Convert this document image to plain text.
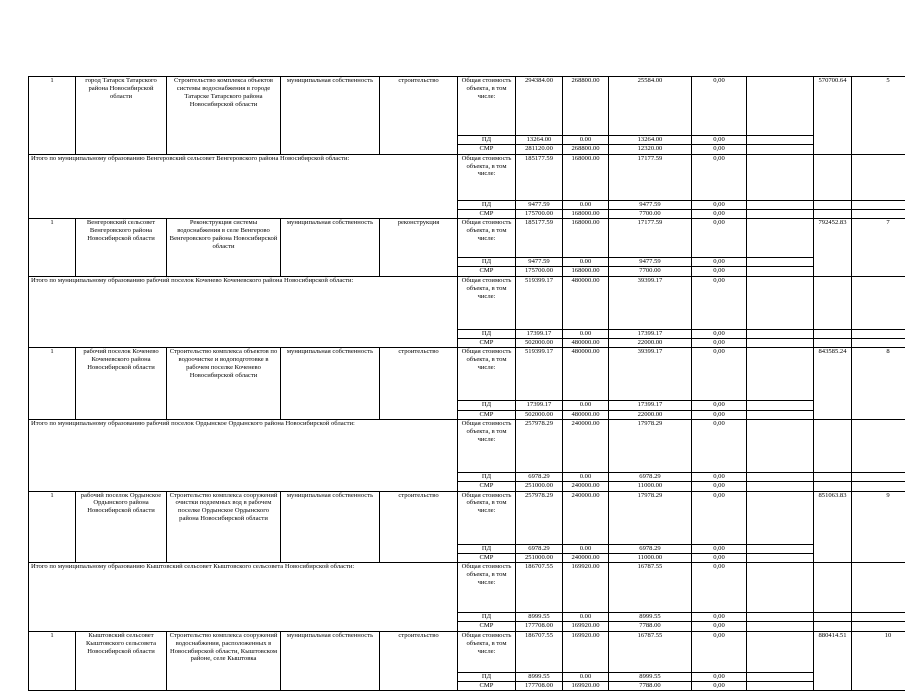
1	город Татарск Татарского района Новосибирской области	Строительство комплекса объектов системы водоснабжения в городе Татарске Татарского района Новосибирской области	муниципальная собственность	строительство	Общая стоимость объекта, в том числе:	294384.00	268800.00	25584.00	0,00		570700.64	5	
					ПД	13264.00	0.00	13264.00	0,00				
					СМР	281120.00	268800.00	12320.00	0,00				
Итого по муниципальному образованию Венгеровский сельсовет Венгеровского района Новосибирской области:					Общая стоимость объекта, в том числе:	185177.59	168000.00	17177.59	0,00				
					ПД	9477.59	0.00	9477.59	0,00				
					СМР	175700.00	168000.00	7700.00	0,00				
1	Венгеровский сельсовет Венгеровского района Новосибирской области	Реконструкция системы водоснабжения в селе Венгерово Венгеровского района Новосибирской области	муниципальная собственность	реконструкция	Общая стоимость объекта, в том числе:	185177.59	168000.00	17177.59	0,00		792452.83	7	
					ПД	9477.59	0.00	9477.59	0,00				
					СМР	175700.00	168000.00	7700.00	0,00				
Итого по муниципальному образованию рабочий поселок Коченево Коченевского района Новосибирской области:					Общая стоимость объекта, в том числе:	519399.17	480000.00	39399.17	0,00				
					ПД	17399.17	0.00	17399.17	0,00				
					СМР	502000.00	480000.00	22000.00	0,00				
1	рабочий поселок Коченево Коченевского района Новосибирской области	Строительство комплекса объектов по водоочистке и водоподготовке в рабочем поселке Коченево Новосибирской области	муниципальная собственность	строительство	Общая стоимость объекта, в том числе:	519399.17	480000.00	39399.17	0,00		843585.24	8	
					ПД	17399.17	0.00	17399.17	0,00				
					СМР	502000.00	480000.00	22000.00	0,00				
Итого по муниципальному образованию рабочий поселок Ордынское Ордынского района Новосибирской области:					Общая стоимость объекта, в том числе:	257978.29	240000.00	17978.29	0,00				
					ПД	6978.29	0.00	6978.29	0,00				
					СМР	251000.00	240000.00	11000.00	0,00				
1	рабочий поселок Ордынское Ордынского района Новосибирской области	Строительство комплекса сооружений очистки подземных вод в рабочем поселке Ордынское Ордынского района Новосибирской области	муниципальная собственность	строительство	Общая стоимость объекта, в том числе:	257978.29	240000.00	17978.29	0,00		851063.83	9	
					ПД	6978.29	0.00	6978.29	0,00				
					СМР	251000.00	240000.00	11000.00	0,00				
Итого по муниципальному образованию Кыштовский сельсовет Кыштовского сельсовета Новосибирской области:					Общая стоимость объекта, в том числе:	186707.55	169920.00	16787.55	0,00				
					ПД	8999.55	0.00	8999.55	0,00				
					СМР	177708.00	169920.00	7788.00	0,00				
1	Кыштовский сельсовет Кыштовского сельсовета Новосибирской области	Строительство комплекса сооружений водоснабжения, расположенных в Новосибирской области, Кыштовском районе, селе Кыштовка	муниципальная собственность	строительство	Общая стоимость объекта, в том числе:	186707.55	169920.00	16787.55	0,00		880414.51	10	
					ПД	8999.55	0.00	8999.55	0,00				
					СМР	177708.00	169920.00	7788.00	0,00				
